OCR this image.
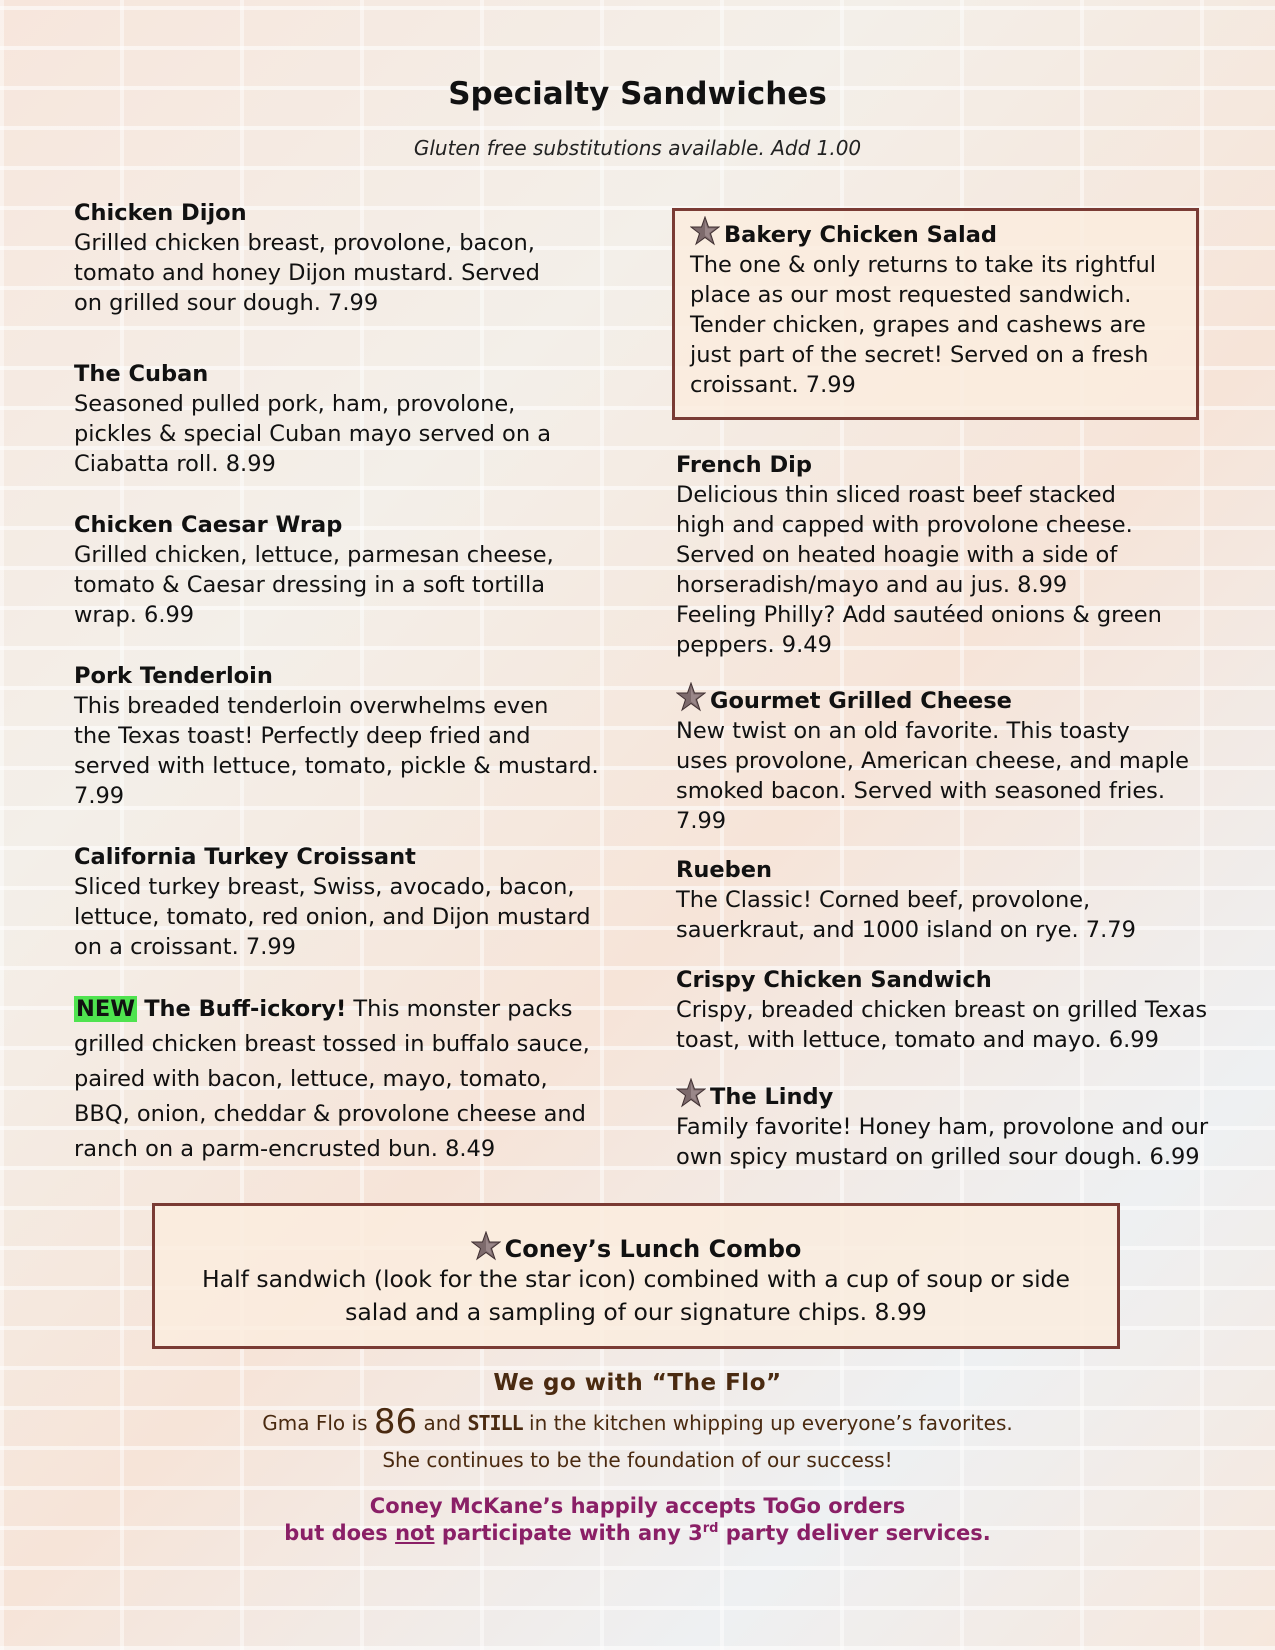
Specialty Sandwiches
Gluten free substitutions available. Add 1.00
Chicken Dijon
Grilled chicken breast, provolone, bacon,
tomato and honey Dijon mustard. Served
on grilled sour dough. 7.99
The Cuban
Seasoned pulled pork, ham, provolone,
pickles & special Cuban mayo served on a
Ciabatta roll. 8.99
Chicken Caesar Wrap
Grilled chicken, lettuce, parmesan cheese,
tomato & Caesar dressing in a soft tortilla
wrap. 6.99
Pork Tenderloin
This breaded tenderloin overwhelms even
the Texas toast! Perfectly deep fried and
served with lettuce, tomato, pickle & mustard.
7.99
California Turkey Croissant
Sliced turkey breast, Swiss, avocado, bacon,
lettuce, tomato, red onion, and Dijon mustard
on a croissant. 7.99
NEW The Buff-ickory! This monster packs
grilled chicken breast tossed in buffalo sauce,
paired with bacon, lettuce, mayo, tomato,
BBQ, onion, cheddar & provolone cheese and
ranch on a parm-encrusted bun. 8.49
Bakery Chicken Salad
The one & only returns to take its rightful
place as our most requested sandwich.
Tender chicken, grapes and cashews are
just part of the secret! Served on a fresh
croissant. 7.99
French Dip
Delicious thin sliced roast beef stacked
high and capped with provolone cheese.
Served on heated hoagie with a side of
horseradish/mayo and au jus. 8.99
Feeling Philly? Add sautéed onions & green
peppers. 9.49
Gourmet Grilled Cheese
New twist on an old favorite. This toasty
uses provolone, American cheese, and maple
smoked bacon. Served with seasoned fries.
7.99
Rueben
The Classic! Corned beef, provolone,
sauerkraut, and 1000 island on rye. 7.79
Crispy Chicken Sandwich
Crispy, breaded chicken breast on grilled Texas
toast, with lettuce, tomato and mayo. 6.99
The Lindy
Family favorite! Honey ham, provolone and our
own spicy mustard on grilled sour dough. 6.99
Coney’s Lunch Combo
Half sandwich (look for the star icon) combined with a cup of soup or side
salad and a sampling of our signature chips. 8.99
We go with “The Flo”
Gma Flo is 86 and STILL in the kitchen whipping up everyone’s favorites.
She continues to be the foundation of our success!
Coney McKane’s happily accepts ToGo orders
but does not participate with any 3rd party deliver services.
